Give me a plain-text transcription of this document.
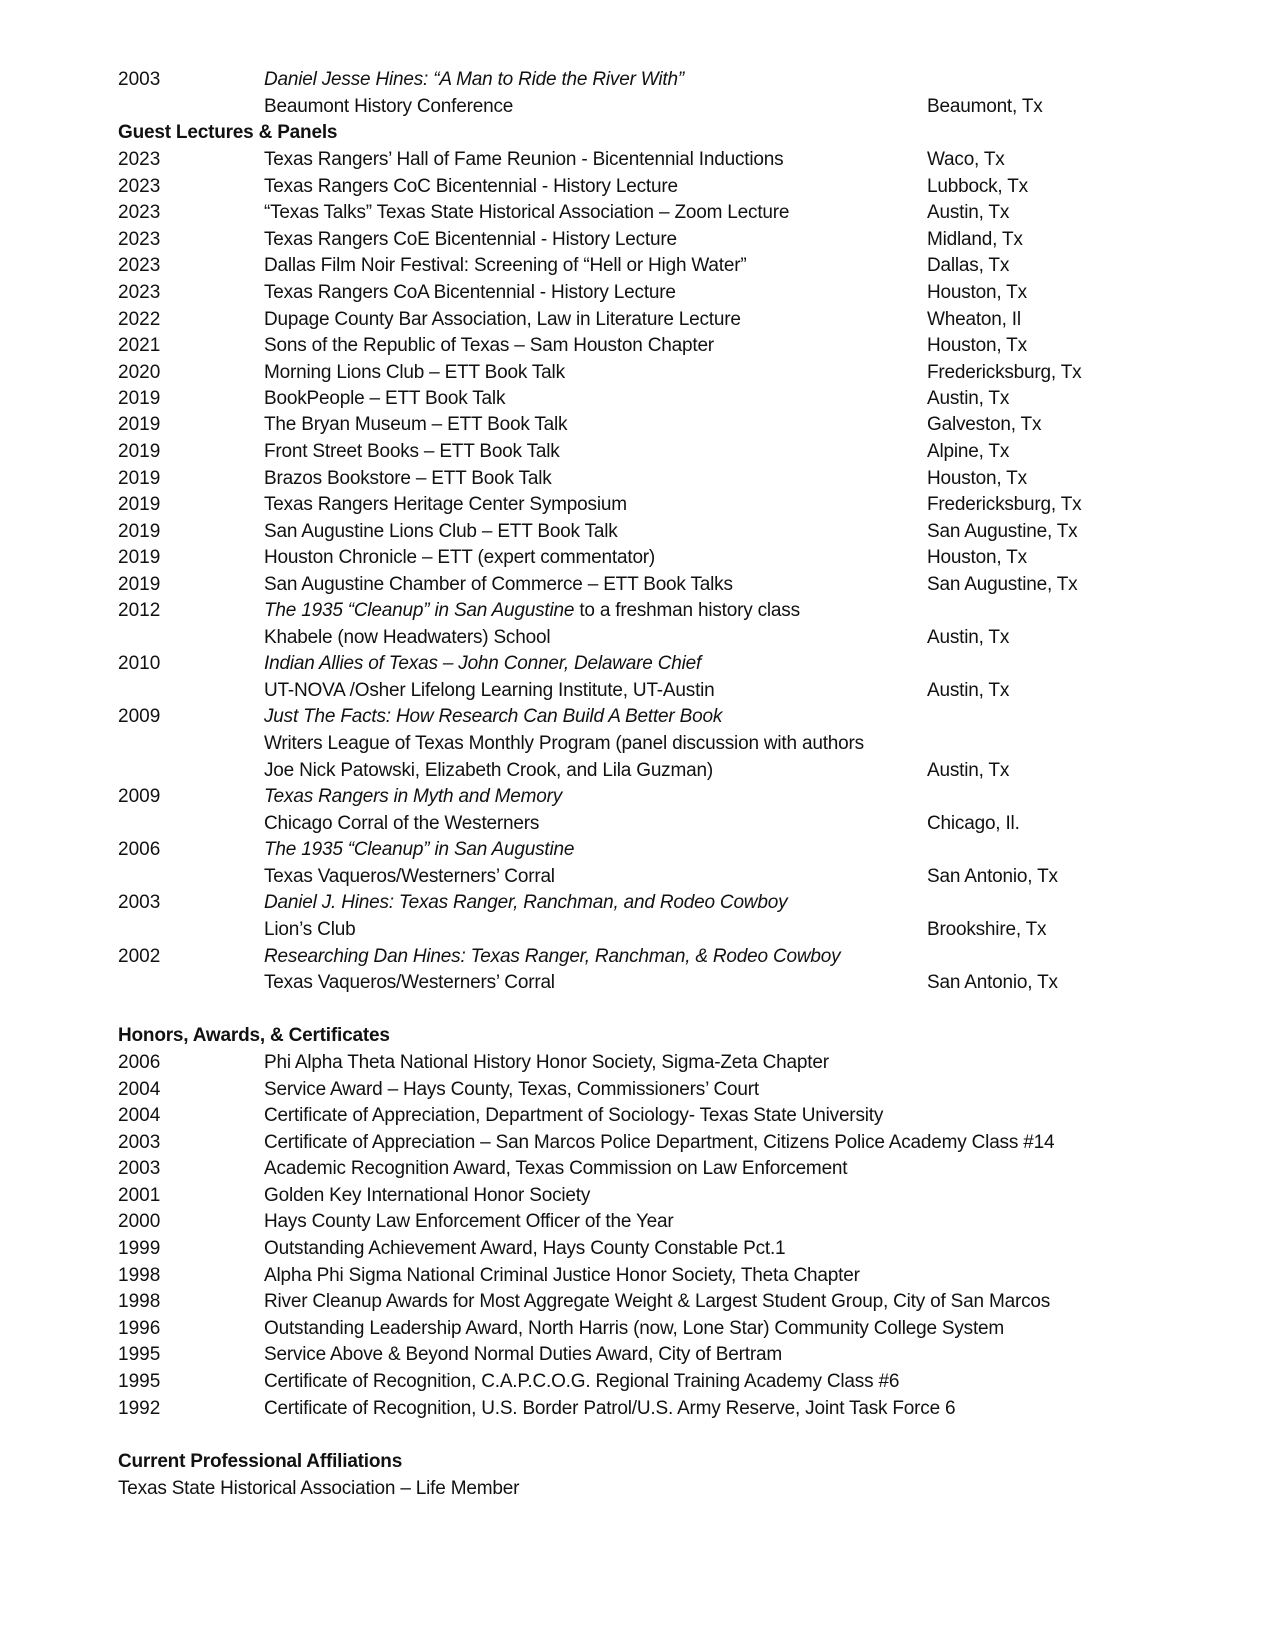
2003	Daniel Jesse Hines: “A Man to Ride the River With”
Beaumont History Conference	Beaumont, Tx
Guest Lectures & Panels
2023	Texas Rangers’ Hall of Fame Reunion - Bicentennial Inductions	Waco, Tx
2023	Texas Rangers CoC Bicentennial - History Lecture	Lubbock, Tx
2023	“Texas Talks” Texas State Historical Association – Zoom Lecture	Austin, Tx
2023	Texas Rangers CoE Bicentennial - History Lecture	Midland, Tx
2023	Dallas Film Noir Festival: Screening of “Hell or High Water”	Dallas, Tx
2023	Texas Rangers CoA Bicentennial - History Lecture	Houston, Tx
2022	Dupage County Bar Association, Law in Literature Lecture	Wheaton, Il
2021	Sons of the Republic of Texas – Sam Houston Chapter	Houston, Tx
2020	Morning Lions Club – ETT Book Talk	Fredericksburg, Tx
2019	BookPeople – ETT Book Talk	Austin, Tx
2019	The Bryan Museum – ETT Book Talk	Galveston, Tx
2019	Front Street Books – ETT Book Talk	Alpine, Tx
2019	Brazos Bookstore – ETT Book Talk	Houston, Tx
2019	Texas Rangers Heritage Center Symposium	Fredericksburg, Tx
2019	San Augustine Lions Club – ETT Book Talk	San Augustine, Tx
2019	Houston Chronicle – ETT (expert commentator)	Houston, Tx
2019	San Augustine Chamber of Commerce – ETT Book Talks	San Augustine, Tx
2012	The 1935 “Cleanup” in San Augustine to a freshman history class
Khabele (now Headwaters) School	Austin, Tx
2010	Indian Allies of Texas – John Conner, Delaware Chief
UT-NOVA /Osher Lifelong Learning Institute, UT-Austin	Austin, Tx
2009	Just The Facts: How Research Can Build A Better Book
Writers League of Texas Monthly Program (panel discussion with authors
Joe Nick Patowski, Elizabeth Crook, and Lila Guzman)	Austin, Tx
2009	Texas Rangers in Myth and Memory
Chicago Corral of the Westerners	Chicago, Il.
2006	The 1935 “Cleanup” in San Augustine
Texas Vaqueros/Westerners’ Corral	San Antonio, Tx
2003	Daniel J. Hines: Texas Ranger, Ranchman, and Rodeo Cowboy
Lion’s Club	Brookshire, Tx
2002	Researching Dan Hines: Texas Ranger, Ranchman, & Rodeo Cowboy
Texas Vaqueros/Westerners’ Corral	San Antonio, Tx
Honors, Awards, & Certificates
2006	Phi Alpha Theta National History Honor Society, Sigma-Zeta Chapter
2004	Service Award – Hays County, Texas, Commissioners’ Court
2004	Certificate of Appreciation, Department of Sociology- Texas State University
2003	Certificate of Appreciation – San Marcos Police Department, Citizens Police Academy Class #14
2003	Academic Recognition Award, Texas Commission on Law Enforcement
2001	Golden Key International Honor Society
2000	Hays County Law Enforcement Officer of the Year
1999	Outstanding Achievement Award, Hays County Constable Pct.1
1998	Alpha Phi Sigma National Criminal Justice Honor Society, Theta Chapter
1998	River Cleanup Awards for Most Aggregate Weight & Largest Student Group, City of San Marcos
1996	Outstanding Leadership Award, North Harris (now, Lone Star) Community College System
1995	Service Above & Beyond Normal Duties Award, City of Bertram
1995	Certificate of Recognition, C.A.P.C.O.G. Regional Training Academy Class #6
1992	Certificate of Recognition, U.S. Border Patrol/U.S. Army Reserve, Joint Task Force 6
Current Professional Affiliations
Texas State Historical Association – Life Member
